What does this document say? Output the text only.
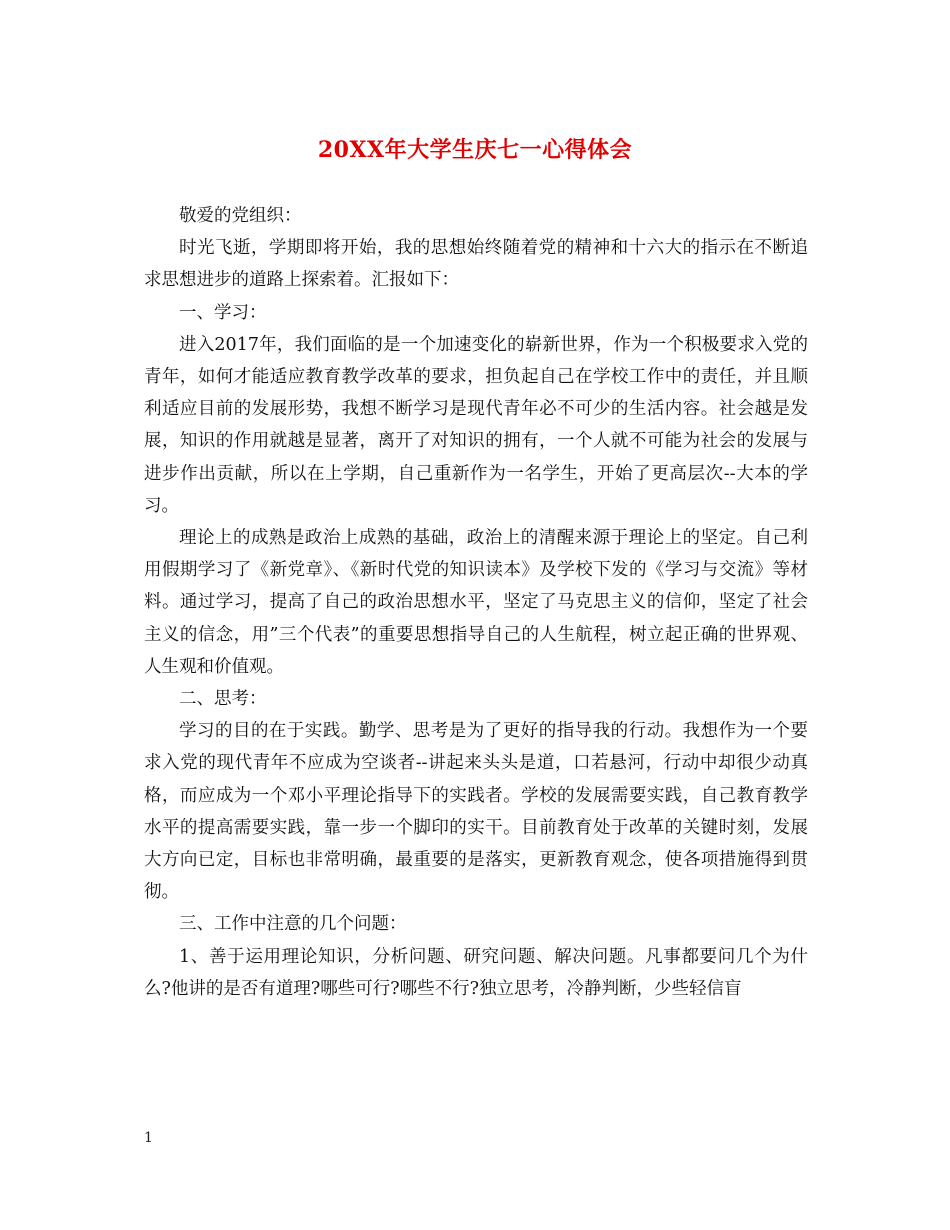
20XX年大学生庆七一心得体会

敬爱的党组织：

时光飞逝，学期即将开始，我的思想始终随着党的精神和十六大的指示在不断追求思想进步的道路上探索着。汇报如下：

一、学习：

进入2017年，我们面临的是一个加速变化的崭新世界，作为一个积极要求入党的青年，如何才能适应教育教学改革的要求，担负起自己在学校工作中的责任，并且顺利适应目前的发展形势，我想不断学习是现代青年必不可少的生活内容。社会越是发展，知识的作用就越是显著，离开了对知识的拥有，一个人就不可能为社会的发展与进步作出贡献，所以在上学期，自己重新作为一名学生，开始了更高层次--大本的学习。

理论上的成熟是政治上成熟的基础，政治上的清醒来源于理论上的坚定。自己利用假期学习了《新党章》、《新时代党的知识读本》及学校下发的《学习与交流》等材料。通过学习，提高了自己的政治思想水平，坚定了马克思主义的信仰，坚定了社会主义的信念，用”三个代表”的重要思想指导自己的人生航程，树立起正确的世界观、人生观和价值观。

二、思考：

学习的目的在于实践。勤学、思考是为了更好的指导我的行动。我想作为一个要求入党的现代青年不应成为空谈者--讲起来头头是道，口若悬河，行动中却很少动真格，而应成为一个邓小平理论指导下的实践者。学校的发展需要实践，自己教育教学水平的提高需要实践，靠一步一个脚印的实干。目前教育处于改革的关键时刻，发展大方向已定，目标也非常明确，最重要的是落实，更新教育观念，使各项措施得到贯彻。

三、工作中注意的几个问题：

1、善于运用理论知识，分析问题、研究问题、解决问题。凡事都要问几个为什么?他讲的是否有道理?哪些可行?哪些不行?独立思考，冷静判断，少些轻信盲

1
